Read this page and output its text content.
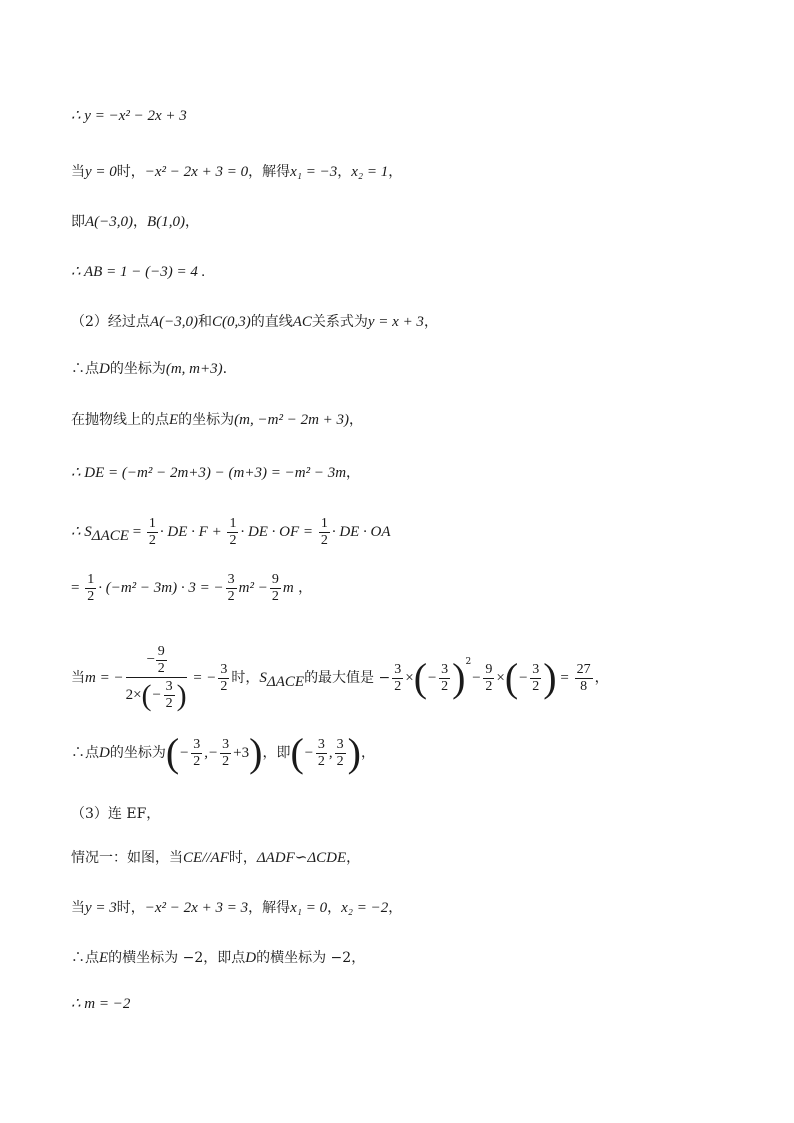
∴ y = −x² − 2x + 3
当y = 0时，−x² − 2x + 3 = 0，解得x₁ = −3，x₂ = 1，
即A(−3,0)，B(1,0)，
∴ AB = 1 − (−3) = 4 .
（2）经过点A(−3,0)和C(0,3)的直线AC关系式为y = x + 3，
∴点D的坐标为(m, m+3).
在抛物线上的点E的坐标为(m, −m² − 2m + 3)，
∴ DE = (−m² − 2m+3) − (m+3) = −m² − 3m，
∴ $S_{\Delta ACE} = \frac{1}{2}$ · DE · $F + \frac{1}{2}$ · DE · OF = $\frac{1}{2}$ · DE · OA
= $\frac{1}{2} \cdot (-m^2 - 3m) \cdot 3$ = − $\frac{3}{2} m^2 - \frac{9}{2}$ m ，
当m = − $\frac{- \frac{9}{2}}{2\times(- \frac{3}{2} )}$ = − $\frac{3}{2}$ 时，$S_{\Delta ACE}$的最大值是 − $\frac{3}{2}$ ×(− $\frac{3}{2} )^2- \frac{9}{2}$ ×(− $\frac{3}{2}$ ) = $\frac{27}{8}$ ，
∴点D的坐标为(− $\frac{3}{2}$ ,− $\frac{3}{2} +3$)，即(− $\frac{3}{2}$ , $\frac{3}{2}$ )，
（3）连 EF，
情况一：如图，当CE//AF时，ΔADF∽ΔCDE，
当y = 3时，−x² − 2x + 3 = 3，解得x₁ = 0，x₂ = −2，
∴点E的横坐标为 −2，即点D的横坐标为 −2，
∴ m = −2
